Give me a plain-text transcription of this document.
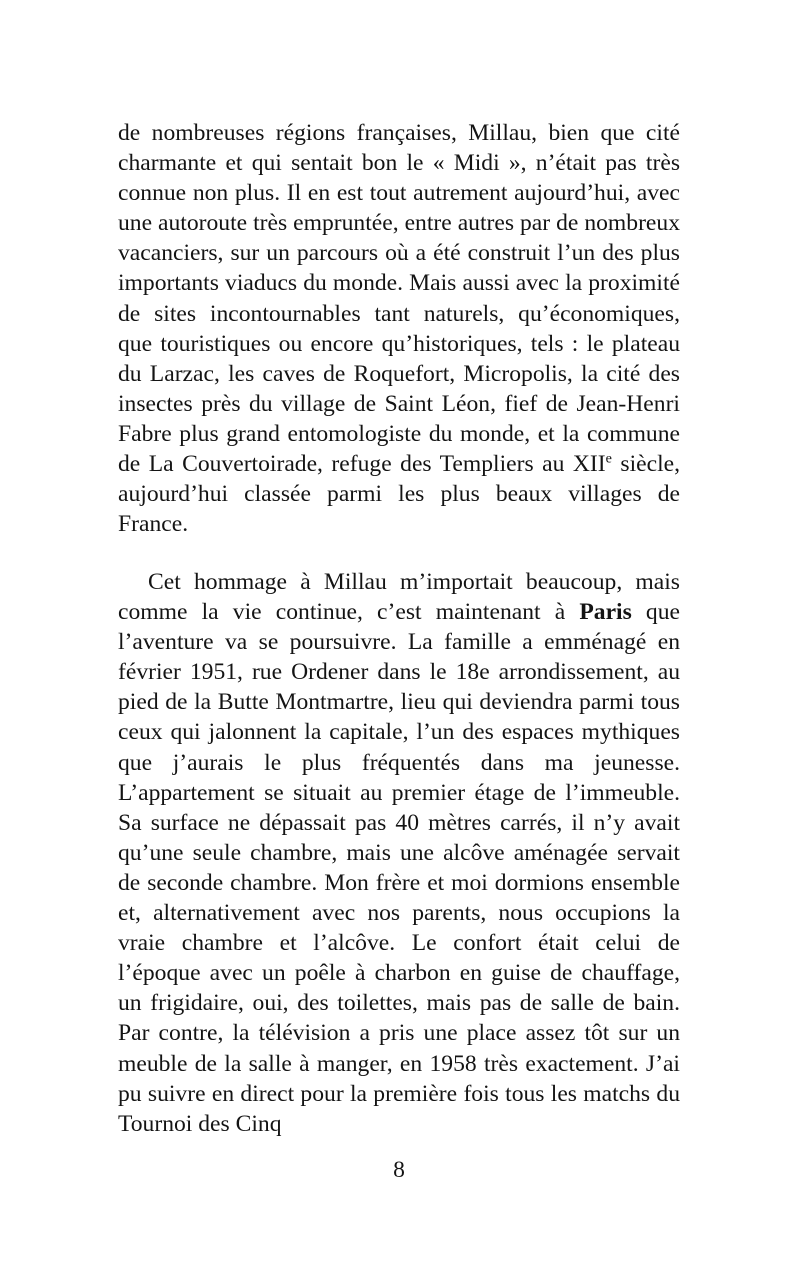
de nombreuses régions françaises, Millau, bien que cité charmante et qui sentait bon le « Midi », n’était pas très connue non plus. Il en est tout autrement aujourd’hui, avec une autoroute très empruntée, entre autres par de nombreux vacanciers, sur un parcours où a été construit l’un des plus importants viaducs du monde. Mais aussi avec la proximité de sites incontournables tant naturels, qu’économiques, que touristiques ou encore qu’historiques, tels : le plateau du Larzac, les caves de Roquefort, Micropolis, la cité des insectes près du village de Saint Léon, fief de Jean-Henri Fabre plus grand entomologiste du monde, et la commune de La Couvertoirade, refuge des Templiers au XIIe siècle, aujourd’hui classée parmi les plus beaux villages de France.

Cet hommage à Millau m’importait beaucoup, mais comme la vie continue, c’est maintenant à Paris que l’aventure va se poursuivre. La famille a emménagé en février 1951, rue Ordener dans le 18e arrondissement, au pied de la Butte Montmartre, lieu qui deviendra parmi tous ceux qui jalonnent la capitale, l’un des espaces mythiques que j’aurais le plus fréquentés dans ma jeunesse. L’appartement se situait au premier étage de l’immeuble. Sa surface ne dépassait pas 40 mètres carrés, il n’y avait qu’une seule chambre, mais une alcôve aménagée servait de seconde chambre. Mon frère et moi dormions ensemble et, alternativement avec nos parents, nous occupions la vraie chambre et l’alcôve. Le confort était celui de l’époque avec un poêle à charbon en guise de chauffage, un frigidaire, oui, des toilettes, mais pas de salle de bain. Par contre, la télévision a pris une place assez tôt sur un meuble de la salle à manger, en 1958 très exactement. J’ai pu suivre en direct pour la première fois tous les matchs du Tournoi des Cinq

8
